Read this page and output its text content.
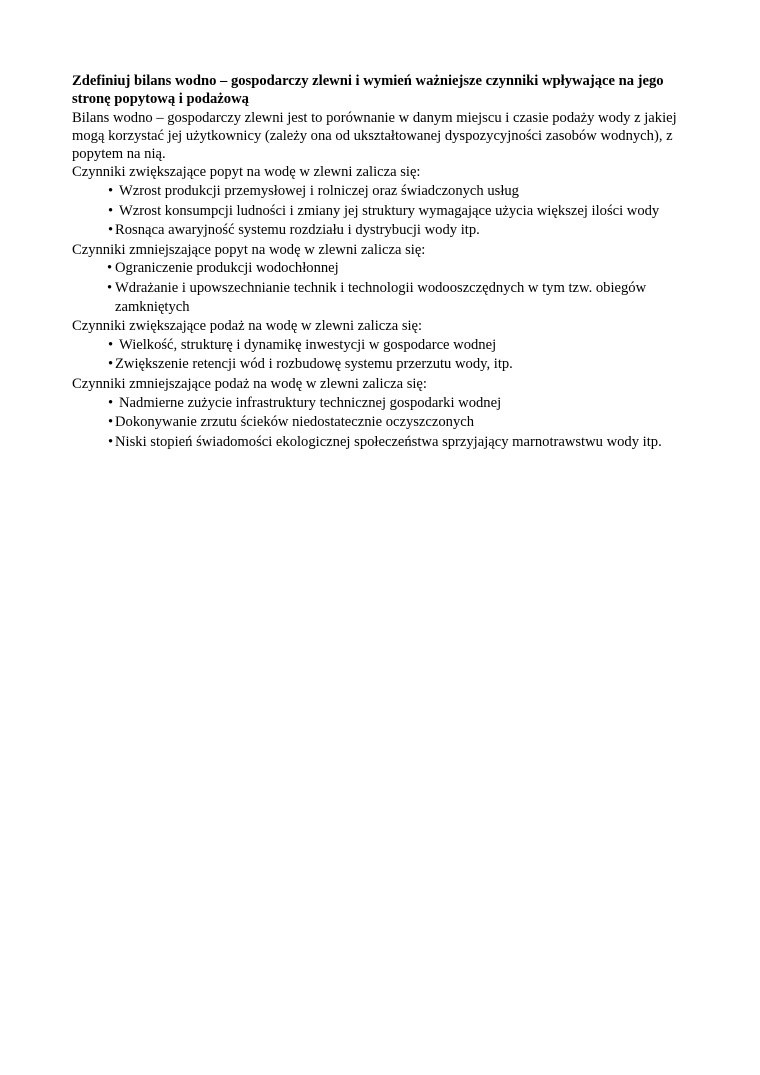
Zdefiniuj bilans wodno – gospodarczy zlewni i wymień ważniejsze czynniki wpływające na jego stronę popytową i podażową

Bilans wodno – gospodarczy zlewni jest to porównanie w danym miejscu i czasie podaży wody z jakiej mogą korzystać jej użytkownicy (zależy ona od ukształtowanej dyspozycyjności zasobów wodnych), z popytem na nią.

Czynniki zwiększające popyt na wodę w zlewni zalicza się:

• Wzrost produkcji przemysłowej i rolniczej oraz świadczonych usług
• Wzrost konsumpcji ludności i zmiany jej struktury wymagające użycia większej ilości wody
• Rosnąca awaryjność systemu rozdziału i dystrybucji wody itp.

Czynniki zmniejszające popyt na wodę w zlewni zalicza się:

• Ograniczenie produkcji wodochłonnej
• Wdrażanie i upowszechnianie technik i technologii wodooszczędnych w tym tzw. obiegów zamkniętych

Czynniki zwiększające podaż na wodę w zlewni zalicza się:

• Wielkość, strukturę i dynamikę inwestycji w gospodarce wodnej
• Zwiększenie retencji wód i rozbudowę systemu przerzutu wody, itp.

Czynniki zmniejszające podaż na wodę w zlewni zalicza się:

• Nadmierne zużycie infrastruktury technicznej gospodarki wodnej
• Dokonywanie zrzutu ścieków niedostatecznie oczyszczonych
• Niski stopień świadomości ekologicznej społeczeństwa sprzyjający marnotrawstwu wody itp.
